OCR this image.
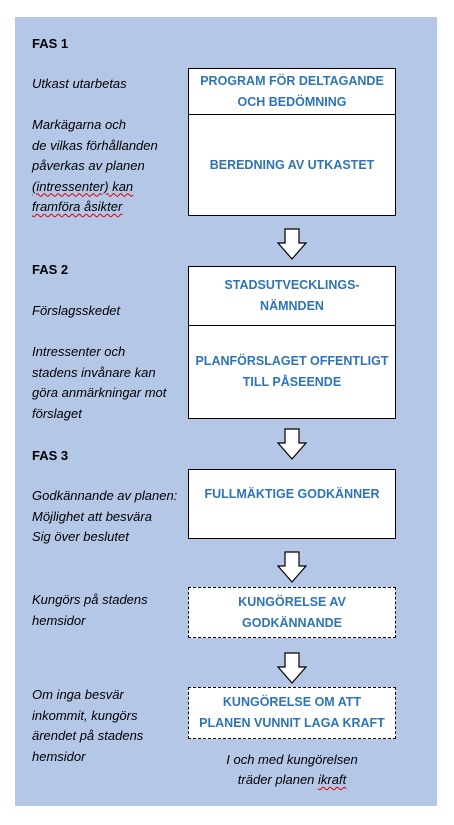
FAS 1
FAS 2
FAS 3
Utkast utarbetas
Markägarna och
de vilkas förhållanden
påverkas av planen
(intressenter) kan
framföra åsikter
Förslagsskedet
Intressenter och
stadens invånare kan
göra anmärkningar mot
förslaget
Godkännande av planen:
Möjlighet att besvära
Sig över beslutet
Kungörs på stadens
hemsidor
Om inga besvär
inkommit, kungörs
ärendet på stadens
hemsidor
PROGRAM FÖR DELTAGANDE
OCH BEDÖMNING
BEREDNING AV UTKASTET
STADSUTVECKLINGS-
NÄMNDEN
PLANFÖRSLAGET OFFENTLIGT
TILL PÅSEENDE
FULLMÄKTIGE GODKÄNNER
KUNGÖRELSE AV
GODKÄNNANDE
KUNGÖRELSE OM ATT
PLANEN VUNNIT LAGA KRAFT
I och med kungörelsen
träder planen ikraft
